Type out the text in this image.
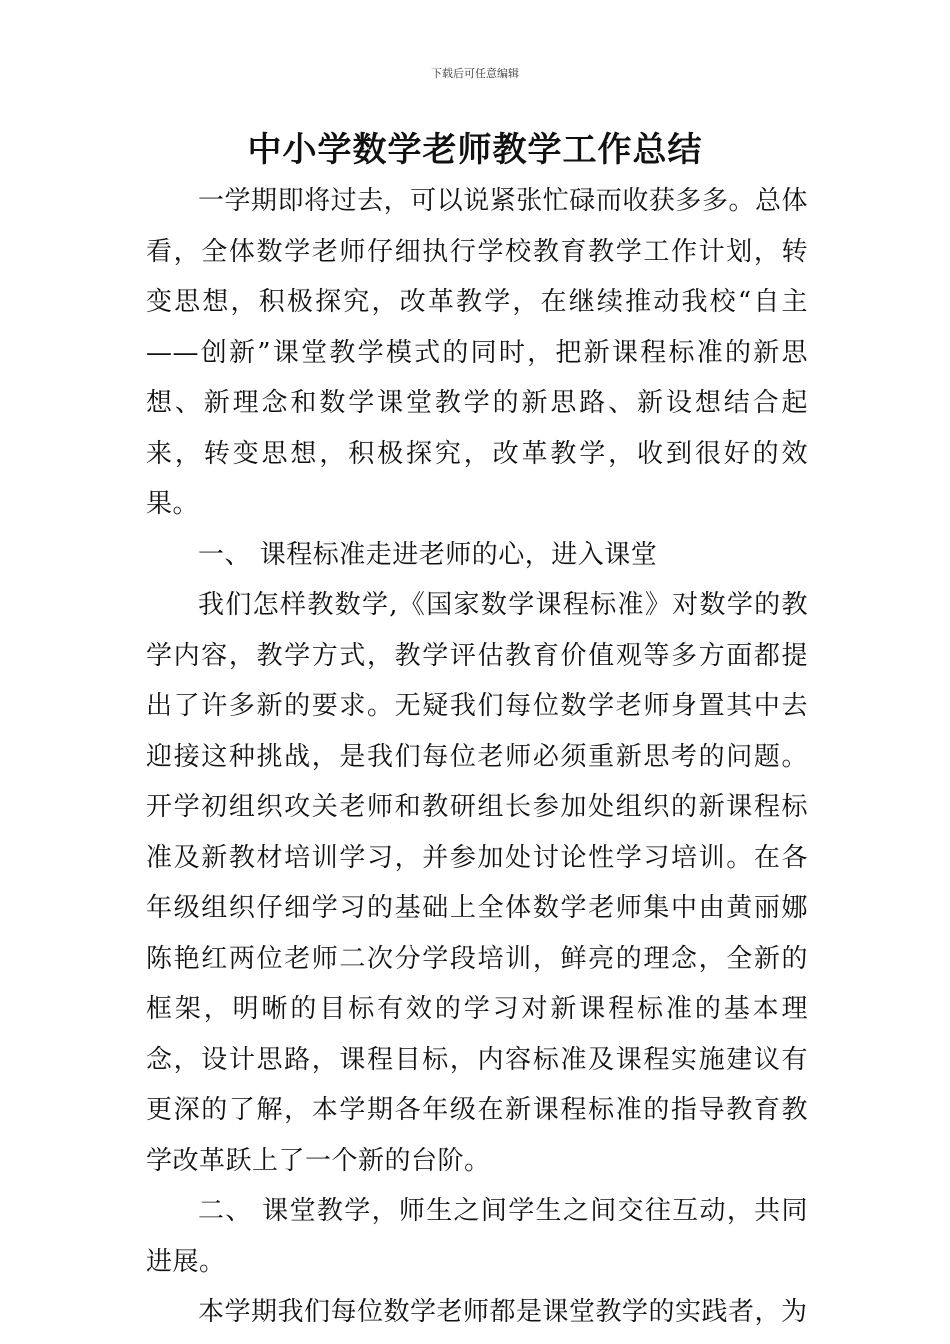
下载后可任意编辑
中小学数学老师教学工作总结

一学期即将过去，可以说紧张忙碌而收获多多。总体看，全体数学老师仔细执行学校教育教学工作计划，转变思想，积极探究，改革教学，在继续推动我校“自主——创新”课堂教学模式的同时，把新课程标准的新思想、新理念和数学课堂教学的新思路、新设想结合起来，转变思想，积极探究，改革教学，收到很好的效果。

一、 课程标准走进老师的心，进入课堂

我们怎样教数学,《国家数学课程标准》对数学的教学内容，教学方式，教学评估教育价值观等多方面都提出了许多新的要求。无疑我们每位数学老师身置其中去迎接这种挑战，是我们每位老师必须重新思考的问题。开学初组织攻关老师和教研组长参加处组织的新课程标准及新教材培训学习，并参加处讨论性学习培训。在各年级组织仔细学习的基础上全体数学老师集中由黄丽娜陈艳红两位老师二次分学段培训，鲜亮的理念，全新的框架，明晰的目标有效的学习对新课程标准的基本理念，设计思路，课程目标，内容标准及课程实施建议有更深的了解，本学期各年级在新课程标准的指导教育教学改革跃上了一个新的台阶。

二、 课堂教学，师生之间学生之间交往互动，共同进展。

本学期我们每位数学老师都是课堂教学的实践者，为
